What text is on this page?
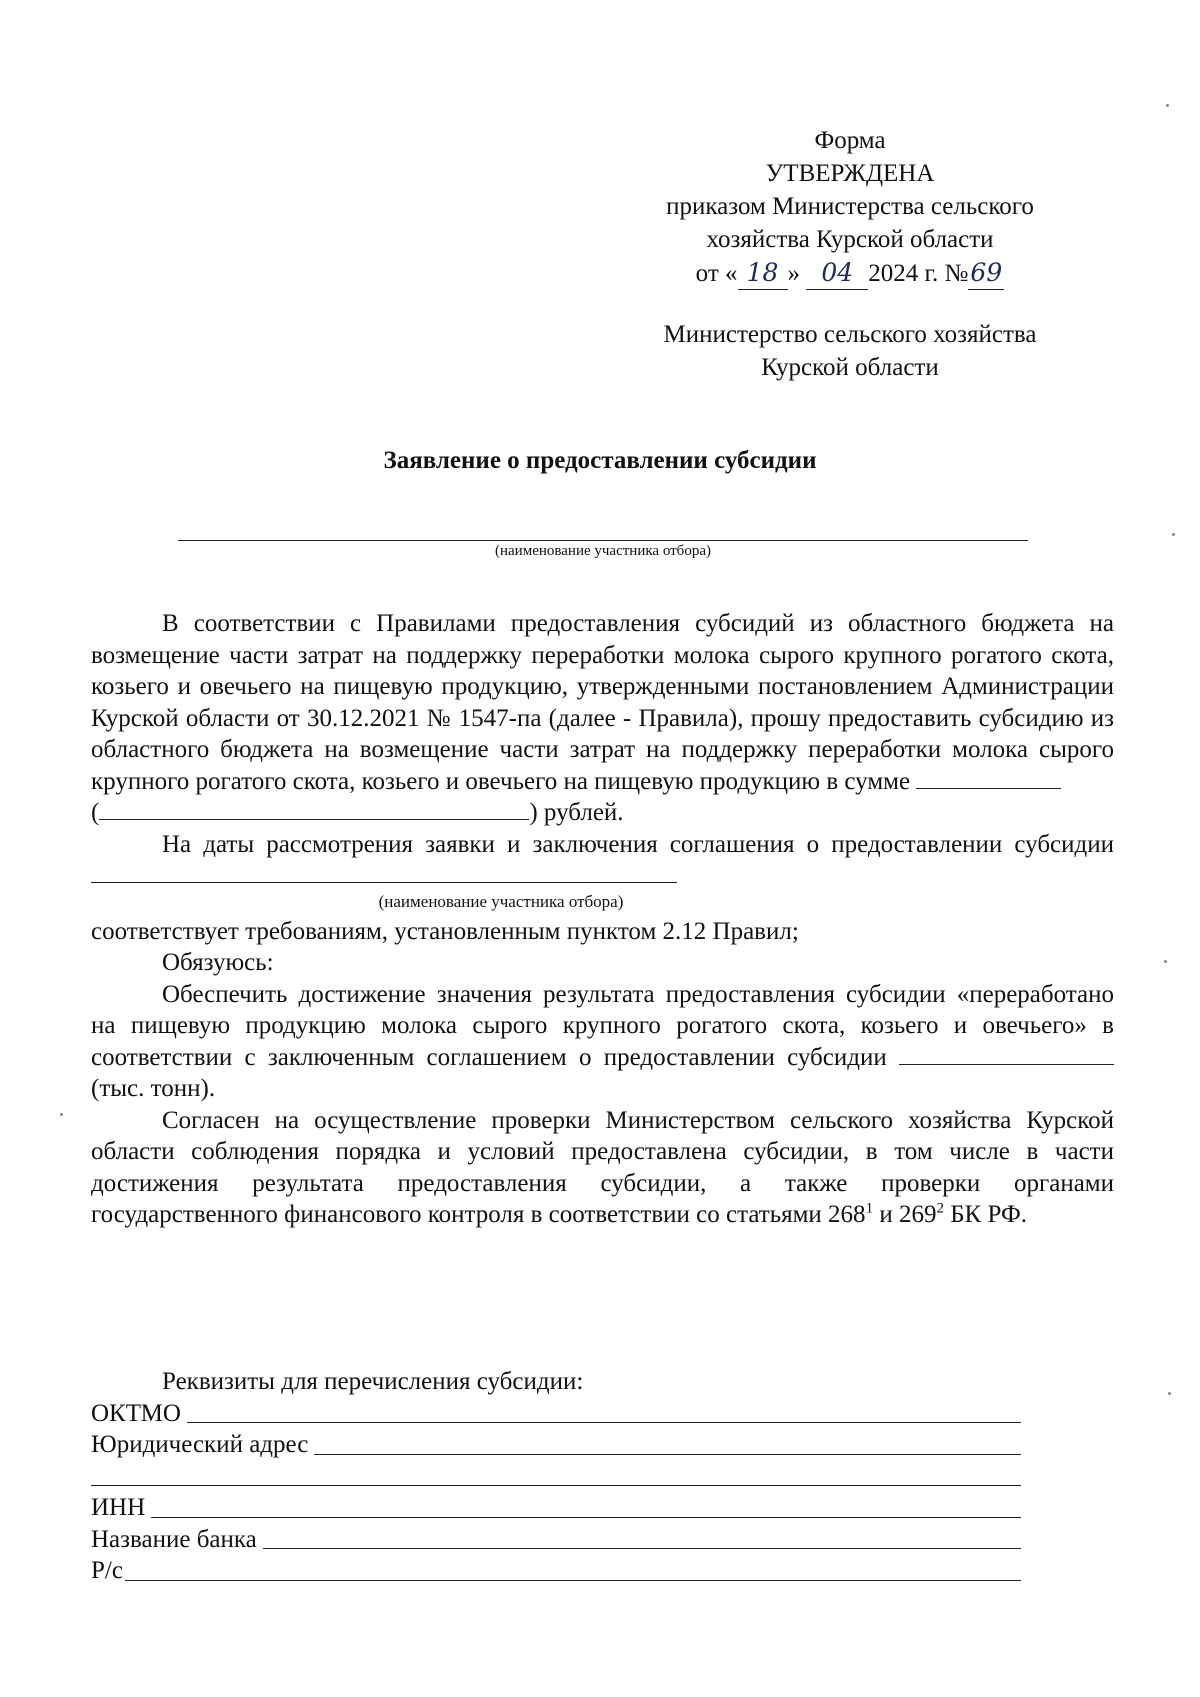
Форма
УТВЕРЖДЕНА
приказом Министерства сельского
хозяйства Курской области
от « 18 » 04 2024 г. №69
Министерство сельского хозяйства
Курской области
Заявление о предоставлении субсидии
(наименование участника отбора)

В соответствии с Правилами предоставления субсидий из областного бюджета на возмещение части затрат на поддержку переработки молока сырого крупного рогатого скота, козьего и овечьего на пищевую продукцию, утвержденными постановлением Администрации Курской области от 30.12.2021 № 1547-па (далее - Правила), прошу предоставить субсидию из областного бюджета на возмещение части затрат на поддержку переработки молока сырого крупного рогатого скота, козьего и овечьего на пищевую продукцию в сумме
(	) рублей.

На даты рассмотрения заявки и заключения соглашения о предоставлении субсидии

(наименование участника отбора)

соответствует требованиям, установленным пунктом 2.12 Правил;

Обязуюсь:

Обеспечить достижение значения результата предоставления субсидии «переработано на пищевую продукцию молока сырого крупного рогатого скота, козьего и овечьего» в соответствии с заключенным соглашением о предоставлении субсидии  (тыс. тонн).

Согласен на осуществление проверки Министерством сельского хозяйства Курской области соблюдения порядка и условий предоставлена субсидии, в том числе в части достижения результата предоставления субсидии, а также проверки органами государственного финансового контроля в соответствии со статьями $268^1$ и $269^2$ БК РФ.

Реквизиты для перечисления субсидии:
ОКТМО
Юридический адрес
ИНН
Название банка
Р/с
